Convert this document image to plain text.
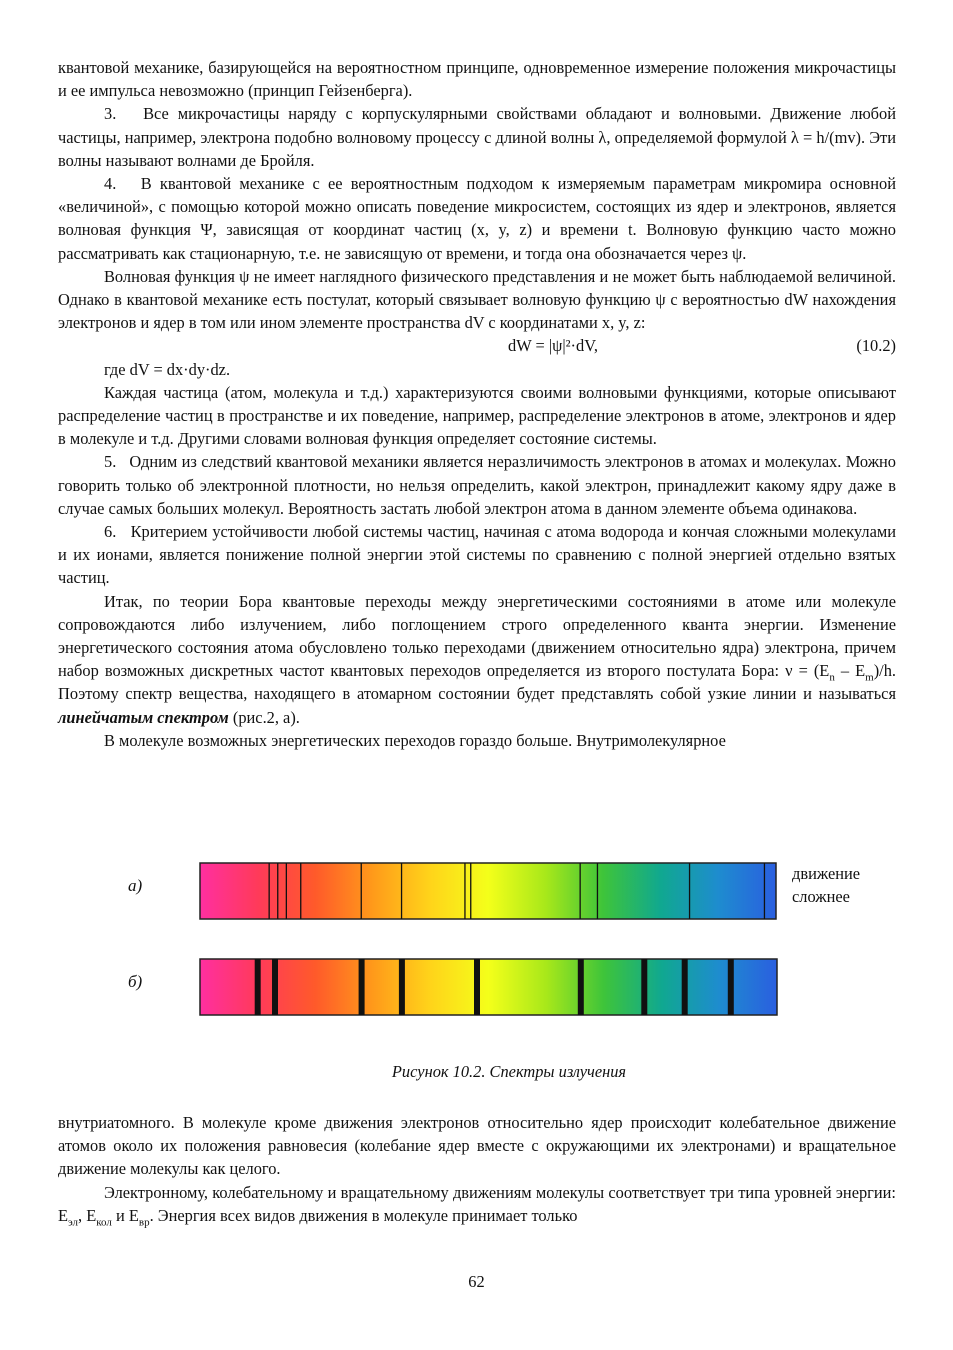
квантовой механике, базирующейся на вероятностном принципе, одновременное измерение положения микрочастицы и ее импульса невозможно (принцип Гейзенберга).

3.   Все микрочастицы наряду с корпускулярными свойствами обладают и волновыми. Движение любой частицы, например, электрона подобно волновому процессу с длиной волны λ, определяемой формулой λ = h/(mv). Эти волны называют волнами де Бройля.

4.   В квантовой механике с ее вероятностным подходом к измеряемым параметрам микромира основной «величиной», с помощью которой можно описать поведение микросистем, состоящих из ядер и электронов, является волновая функция Ψ, зависящая от координат частиц (x, y, z) и времени t. Волновую функцию часто можно рассматривать как стационарную, т.е. не зависящую от времени, и тогда она обозначается через ψ.

Волновая функция ψ не имеет наглядного физического представления и не может быть наблюдаемой величиной. Однако в квантовой механике есть постулат, который связывает волновую функцию ψ с вероятностью dW нахождения электронов и ядер в том или ином элементе пространства dV с координатами x, y, z:

dW = |ψ|²·dV,	(10.2)

где dV = dx·dy·dz.

Каждая частица (атом, молекула и т.д.) характеризуются своими волновыми функциями, которые описывают распределение частиц в пространстве и их поведение, например, распределение электронов в атоме, электронов и ядер в молекуле и т.д. Другими словами волновая функция определяет состояние системы.

5.   Одним из следствий квантовой механики является неразличимость электронов в атомах и молекулах. Можно говорить только об электронной плотности, но нельзя определить, какой электрон, принадлежит какому ядру даже в случае самых больших молекул. Вероятность застать любой электрон атома в данном элементе объема одинакова.

6.   Критерием устойчивости любой системы частиц, начиная с атома водорода и кончая сложными молекулами и их ионами, является понижение полной энергии этой системы по сравнению с полной энергией отдельно взятых частиц.

Итак, по теории Бора квантовые переходы между энергетическими состояниями в атоме или молекуле сопровождаются либо излучением, либо поглощением строго определенного кванта энергии. Изменение энергетического состояния атома обусловлено только переходами (движением относительно ядра) электрона, причем набор возможных дискретных частот квантовых переходов определяется из второго постулата Бора: $\nu = (E_n - E_m)/h$. Поэтому спектр вещества, находящего в атомарном состоянии будет представлять собой узкие линии и называться линейчатым спектром (рис.2, а).

В молекуле возможных энергетических переходов гораздо больше. Внутримолекулярное

движение
сложнее
а)
б)
Рисунок 10.2. Спектры излучения

внутриатомного. В молекуле кроме движения электронов относительно ядер происходит колебательное движение атомов около их положения равновесия (колебание ядер вместе с окружающими их электронами) и вращательное движение молекулы как целого.

Электронному, колебательному и вращательному движениям молекулы соответствует три типа уровней энергии: $E_{эл}$, $E_{кол}$ и $E_{вр}$. Энергия всех видов движения в молекуле принимает только

62
